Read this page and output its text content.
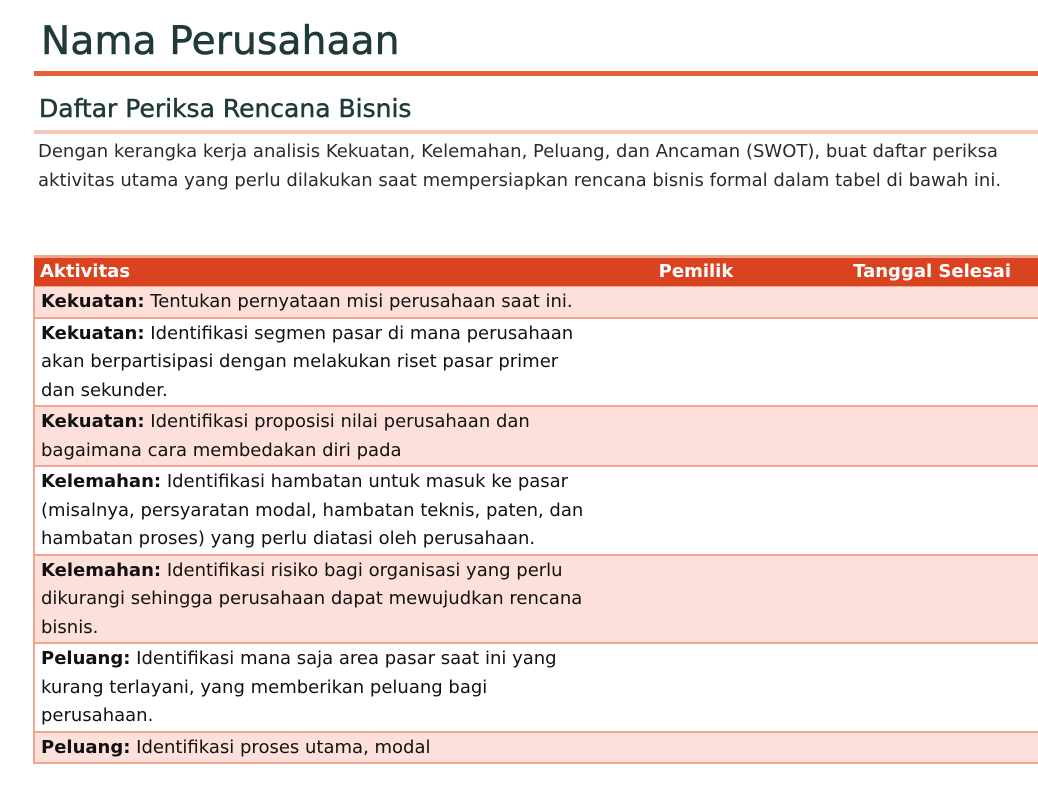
Nama Perusahaan
Daftar Periksa Rencana Bisnis

Dengan kerangka kerja analisis Kekuatan, Kelemahan, Peluang, dan Ancaman (SWOT), buat daftar periksa aktivitas utama yang perlu dilakukan saat mempersiapkan rencana bisnis formal dalam tabel di bawah ini.

Aktivitas	Pemilik	Tanggal Selesai
Kekuatan: Tentukan pernyataan misi perusahaan saat ini.		
Kekuatan: Identifikasi segmen pasar di mana perusahaan akan berpartisipasi dengan melakukan riset pasar primer dan sekunder.		
Kekuatan: Identifikasi proposisi nilai perusahaan dan bagaimana cara membedakan diri pada		
Kelemahan: Identifikasi hambatan untuk masuk ke pasar (misalnya, persyaratan modal, hambatan teknis, paten, dan hambatan proses) yang perlu diatasi oleh perusahaan.		
Kelemahan: Identifikasi risiko bagi organisasi yang perlu dikurangi sehingga perusahaan dapat mewujudkan rencana bisnis.		
Peluang: Identifikasi mana saja area pasar saat ini yang kurang terlayani, yang memberikan peluang bagi perusahaan.		
Peluang: Identifikasi proses utama, modal		
